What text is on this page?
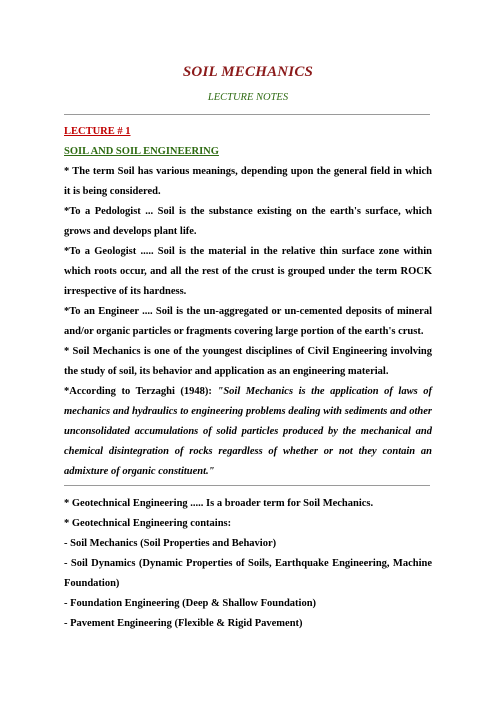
SOIL MECHANICS
LECTURE NOTES
LECTURE # 1
SOIL AND SOIL ENGINEERING

* The term Soil has various meanings, depending upon the general field in which it is being considered.

*To a Pedologist ... Soil is the substance existing on the earth's surface, which grows and develops plant life.

*To a Geologist ..... Soil is the material in the relative thin surface zone within which roots occur, and all the rest of the crust is grouped under the term ROCK irrespective of its hardness.

*To an Engineer .... Soil is the un-aggregated or un-cemented deposits of mineral and/or organic particles or fragments covering large portion of the earth's crust.

* Soil Mechanics is one of the youngest disciplines of Civil Engineering involving the study of soil, its behavior and application as an engineering material.

*According to Terzaghi (1948): "Soil Mechanics is the application of laws of mechanics and hydraulics to engineering problems dealing with sediments and other unconsolidated accumulations of solid particles produced by the mechanical and chemical disintegration of rocks regardless of whether or not they contain an admixture of organic constituent."

* Geotechnical Engineering ..... Is a broader term for Soil Mechanics.

* Geotechnical Engineering contains:

- Soil Mechanics (Soil Properties and Behavior)

- Soil Dynamics (Dynamic Properties of Soils, Earthquake Engineering, Machine Foundation)

- Foundation Engineering (Deep & Shallow Foundation)

- Pavement Engineering (Flexible & Rigid Pavement)
